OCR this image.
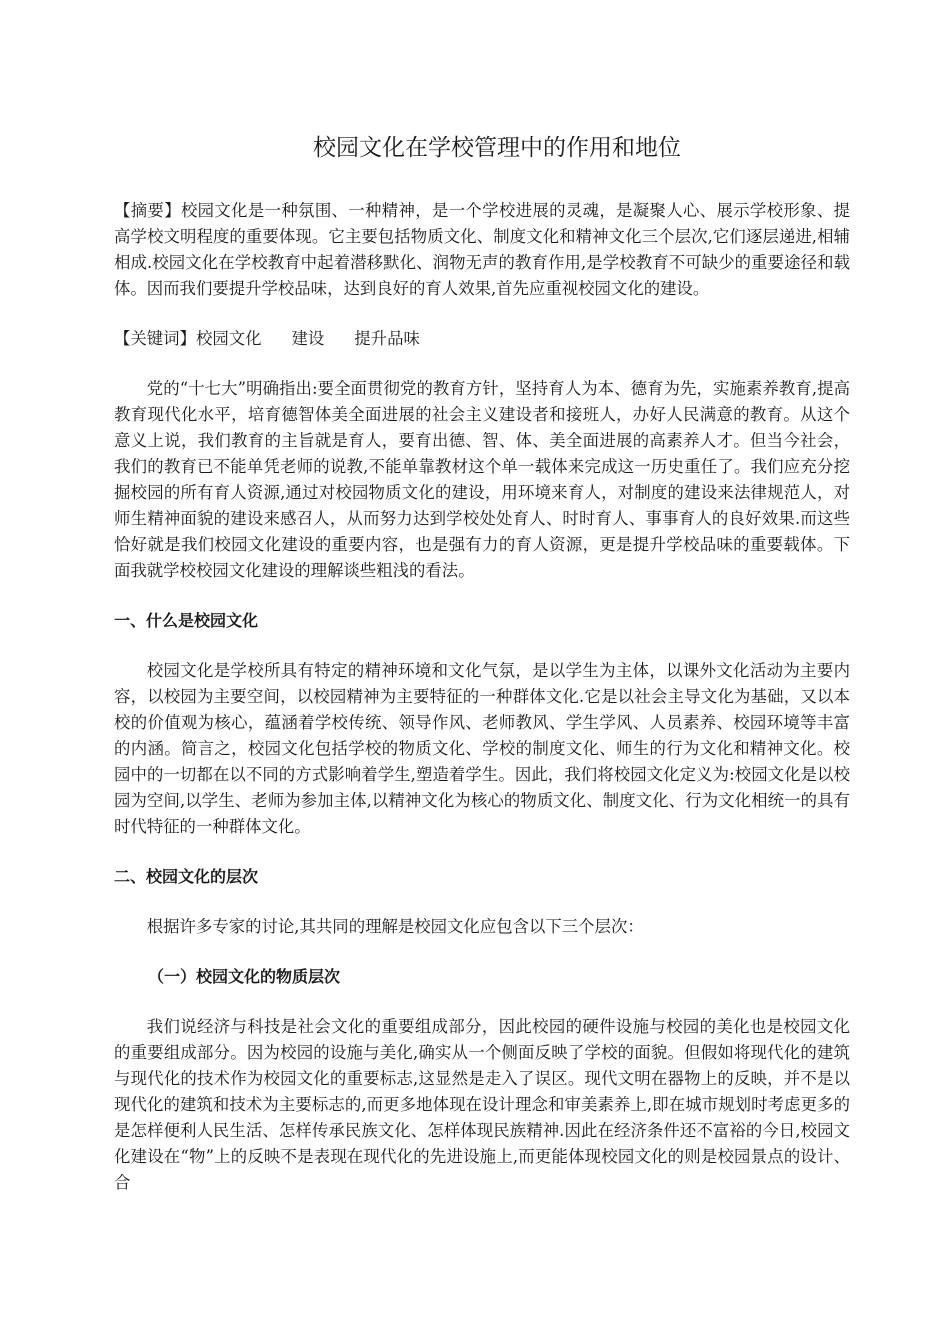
校园文化在学校管理中的作用和地位

【摘要】校园文化是一种氛围、一种精神，是一个学校进展的灵魂，是凝聚人心、展示学校形象、提高学校文明程度的重要体现。它主要包括物质文化、制度文化和精神文化三个层次,它们逐层递进,相辅相成.校园文化在学校教育中起着潜移默化、润物无声的教育作用,是学校教育不可缺少的重要途径和载体。因而我们要提升学校品味，达到良好的育人效果,首先应重视校园文化的建设。

【关键词】校园文化 建设 提升品味

党的“十七大”明确指出:要全面贯彻党的教育方针，坚持育人为本、德育为先，实施素养教育,提高教育现代化水平，培育德智体美全面进展的社会主义建设者和接班人，办好人民满意的教育。从这个意义上说，我们教育的主旨就是育人，要育出德、智、体、美全面进展的高素养人才。但当今社会，我们的教育已不能单凭老师的说教,不能单靠教材这个单一载体来完成这一历史重任了。我们应充分挖掘校园的所有育人资源,通过对校园物质文化的建设，用环境来育人，对制度的建设来法律规范人，对师生精神面貌的建设来感召人，从而努力达到学校处处育人、时时育人、事事育人的良好效果.而这些恰好就是我们校园文化建设的重要内容，也是强有力的育人资源，更是提升学校品味的重要载体。下面我就学校校园文化建设的理解谈些粗浅的看法。

一、什么是校园文化

校园文化是学校所具有特定的精神环境和文化气氛，是以学生为主体，以课外文化活动为主要内容，以校园为主要空间，以校园精神为主要特征的一种群体文化.它是以社会主导文化为基础，又以本校的价值观为核心，蕴涵着学校传统、领导作风、老师教风、学生学风、人员素养、校园环境等丰富的内涵。简言之，校园文化包括学校的物质文化、学校的制度文化、师生的行为文化和精神文化。校园中的一切都在以不同的方式影响着学生,塑造着学生。因此，我们将校园文化定义为:校园文化是以校园为空间,以学生、老师为参加主体,以精神文化为核心的物质文化、制度文化、行为文化相统一的具有时代特征的一种群体文化。

二、校园文化的层次

根据许多专家的讨论,其共同的理解是校园文化应包含以下三个层次：

（一）校园文化的物质层次

我们说经济与科技是社会文化的重要组成部分，因此校园的硬件设施与校园的美化也是校园文化的重要组成部分。因为校园的设施与美化,确实从一个侧面反映了学校的面貌。但假如将现代化的建筑与现代化的技术作为校园文化的重要标志,这显然是走入了误区。现代文明在器物上的反映，并不是以现代化的建筑和技术为主要标志的,而更多地体现在设计理念和审美素养上,即在城市规划时考虑更多的是怎样便利人民生活、怎样传承民族文化、怎样体现民族精神.因此在经济条件还不富裕的今日,校园文化建设在“物”上的反映不是表现在现代化的先进设施上,而更能体现校园文化的则是校园景点的设计、合
